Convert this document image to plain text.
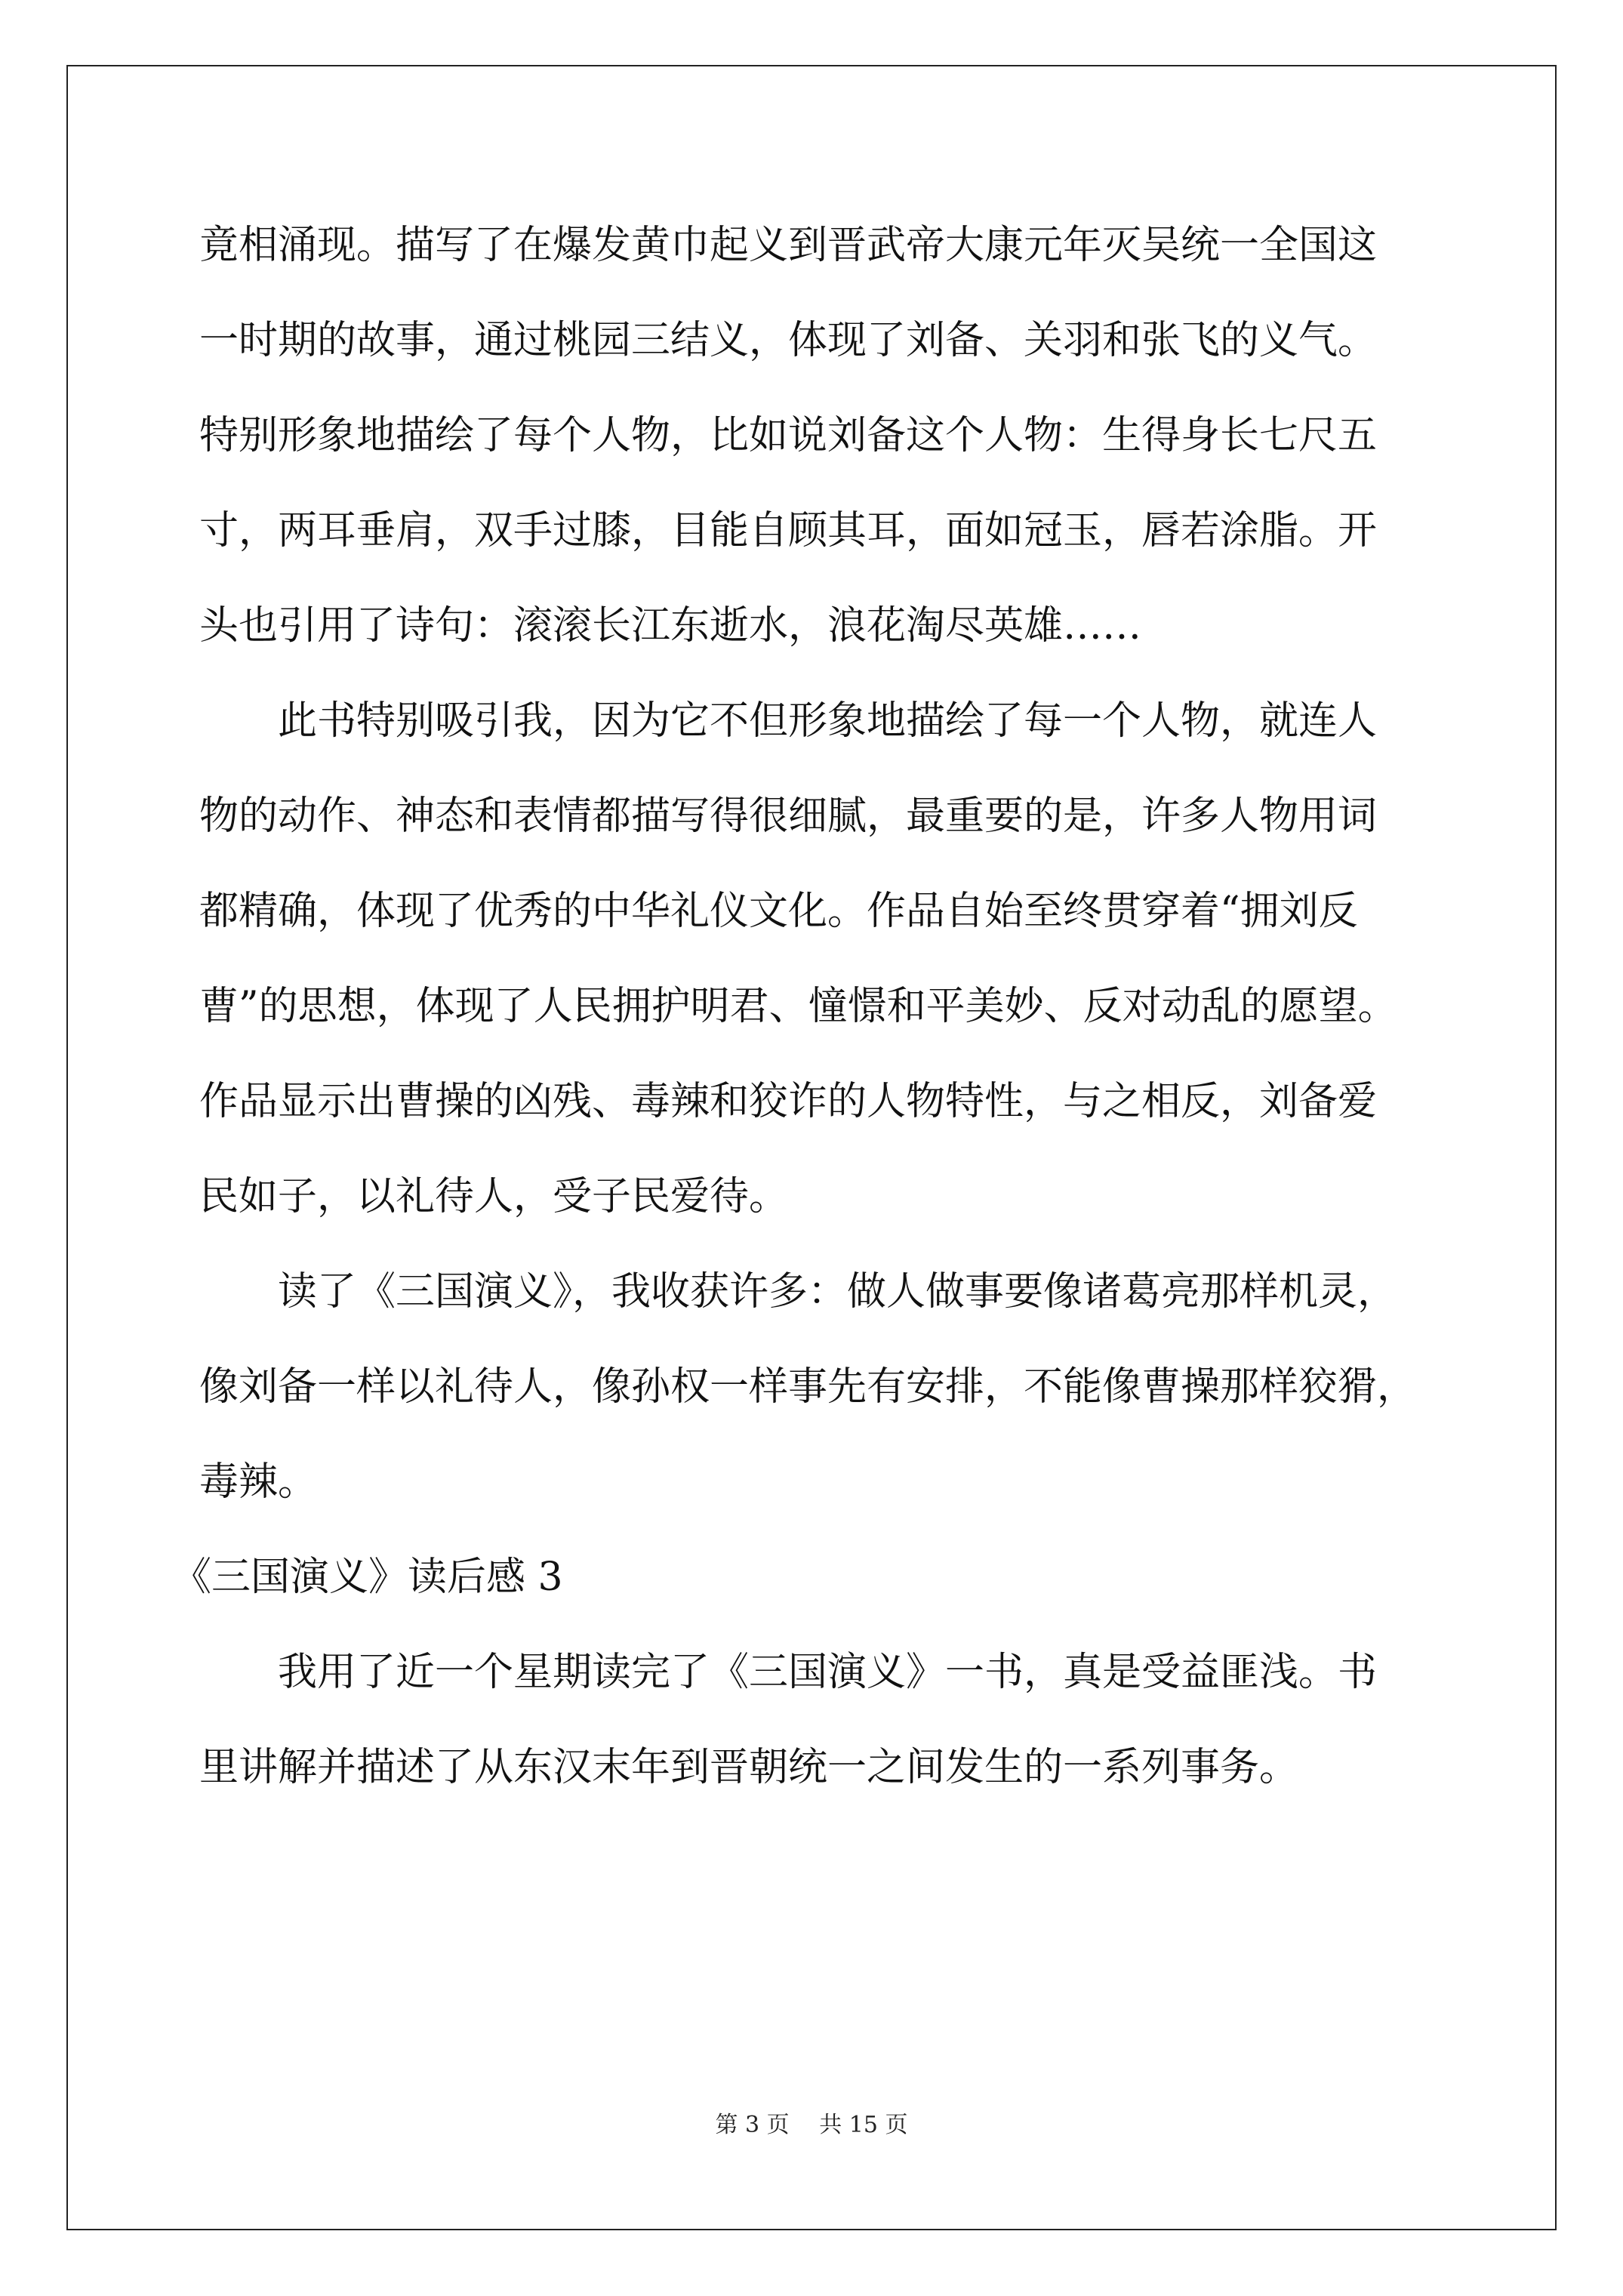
竟相涌现。描写了在爆发黄巾起义到晋武帝大康元年灭吴统一全国这
一时期的故事，通过桃园三结义，体现了刘备、关羽和张飞的义气。
特别形象地描绘了每个人物，比如说刘备这个人物：生得身长七尺五
寸，两耳垂肩，双手过膝，目能自顾其耳，面如冠玉，唇若涂脂。开
头也引用了诗句：滚滚长江东逝水，浪花淘尽英雄……
此书特别吸引我，因为它不但形象地描绘了每一个人物，就连人
物的动作、神态和表情都描写得很细腻，最重要的是，许多人物用词
都精确，体现了优秀的中华礼仪文化。作品自始至终贯穿着“拥刘反
曹”的思想，体现了人民拥护明君、憧憬和平美妙、反对动乱的愿望。
作品显示出曹操的凶残、毒辣和狡诈的人物特性，与之相反，刘备爱
民如子，以礼待人，受子民爱待。
读了《三国演义》，我收获许多：做人做事要像诸葛亮那样机灵，
像刘备一样以礼待人，像孙权一样事先有安排，不能像曹操那样狡猾，
毒辣。
《三国演义》读后感 3
我用了近一个星期读完了《三国演义》一书，真是受益匪浅。书
里讲解并描述了从东汉末年到晋朝统一之间发生的一系列事务。
第 3 页 共 15 页
